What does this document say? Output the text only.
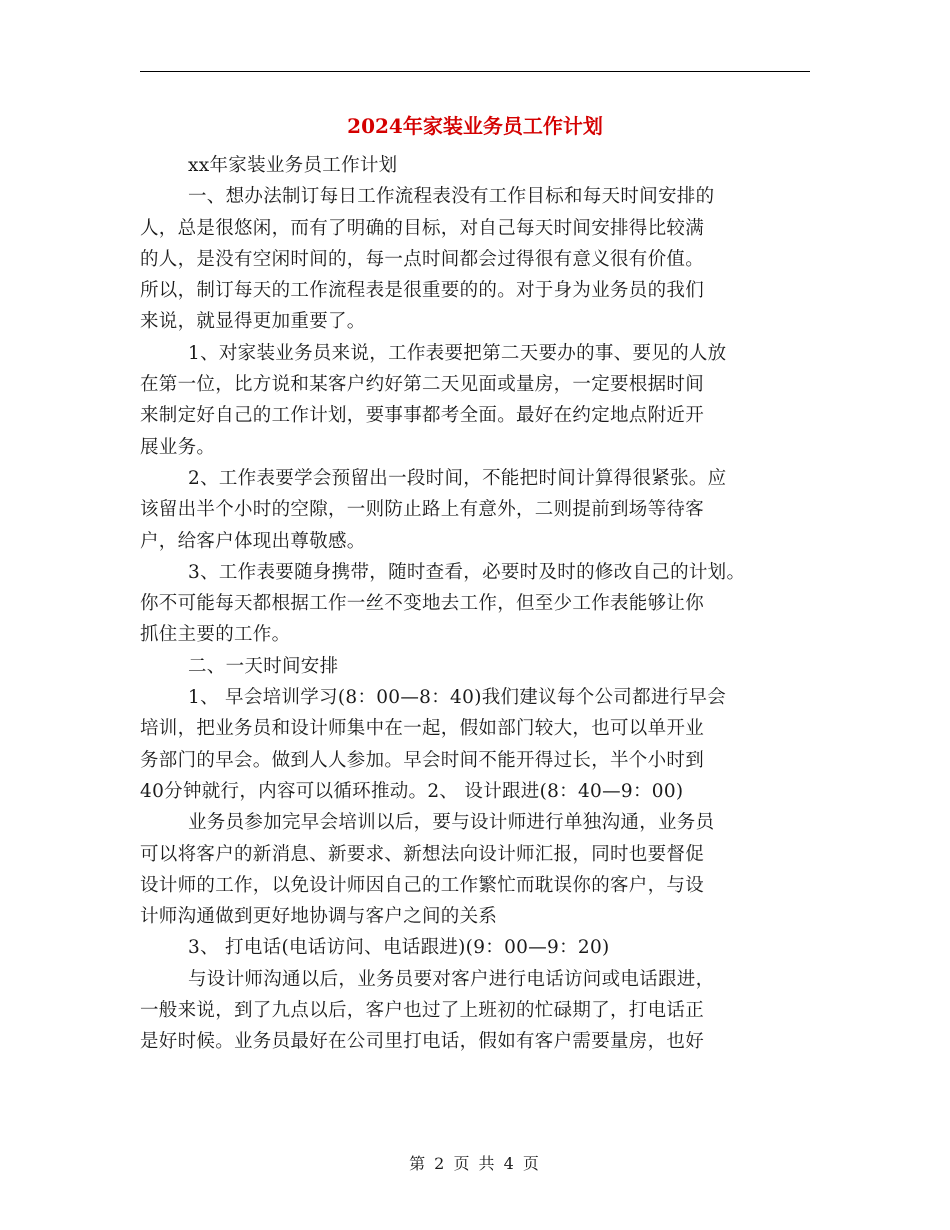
2024年家装业务员工作计划
xx年家装业务员工作计划
一、想办法制订每日工作流程表没有工作目标和每天时间安排的
人，总是很悠闲，而有了明确的目标，对自己每天时间安排得比较满
的人，是没有空闲时间的，每一点时间都会过得很有意义很有价值。
所以，制订每天的工作流程表是很重要的的。对于身为业务员的我们
来说，就显得更加重要了。
1、对家装业务员来说，工作表要把第二天要办的事、要见的人放
在第一位，比方说和某客户约好第二天见面或量房，一定要根据时间
来制定好自己的工作计划，要事事都考全面。最好在约定地点附近开
展业务。
2、工作表要学会预留出一段时间，不能把时间计算得很紧张。应
该留出半个小时的空隙，一则防止路上有意外，二则提前到场等待客
户，给客户体现出尊敬感。
3、工作表要随身携带，随时查看，必要时及时的修改自己的计划。
你不可能每天都根据工作一丝不变地去工作，但至少工作表能够让你
抓住主要的工作。
二、一天时间安排
1、 早会培训学习(8：00—8：40)我们建议每个公司都进行早会
培训，把业务员和设计师集中在一起，假如部门较大，也可以单开业
务部门的早会。做到人人参加。早会时间不能开得过长，半个小时到
40分钟就行，内容可以循环推动。2、 设计跟进(8：40—9：00)
业务员参加完早会培训以后，要与设计师进行单独沟通，业务员
可以将客户的新消息、新要求、新想法向设计师汇报，同时也要督促
设计师的工作，以免设计师因自己的工作繁忙而耽误你的客户，与设
计师沟通做到更好地协调与客户之间的关系
3、 打电话(电话访问、电话跟进)(9：00—9：20)
与设计师沟通以后，业务员要对客户进行电话访问或电话跟进，
一般来说，到了九点以后，客户也过了上班初的忙碌期了，打电话正
是好时候。业务员最好在公司里打电话，假如有客户需要量房，也好
第 2 页 共 4 页
